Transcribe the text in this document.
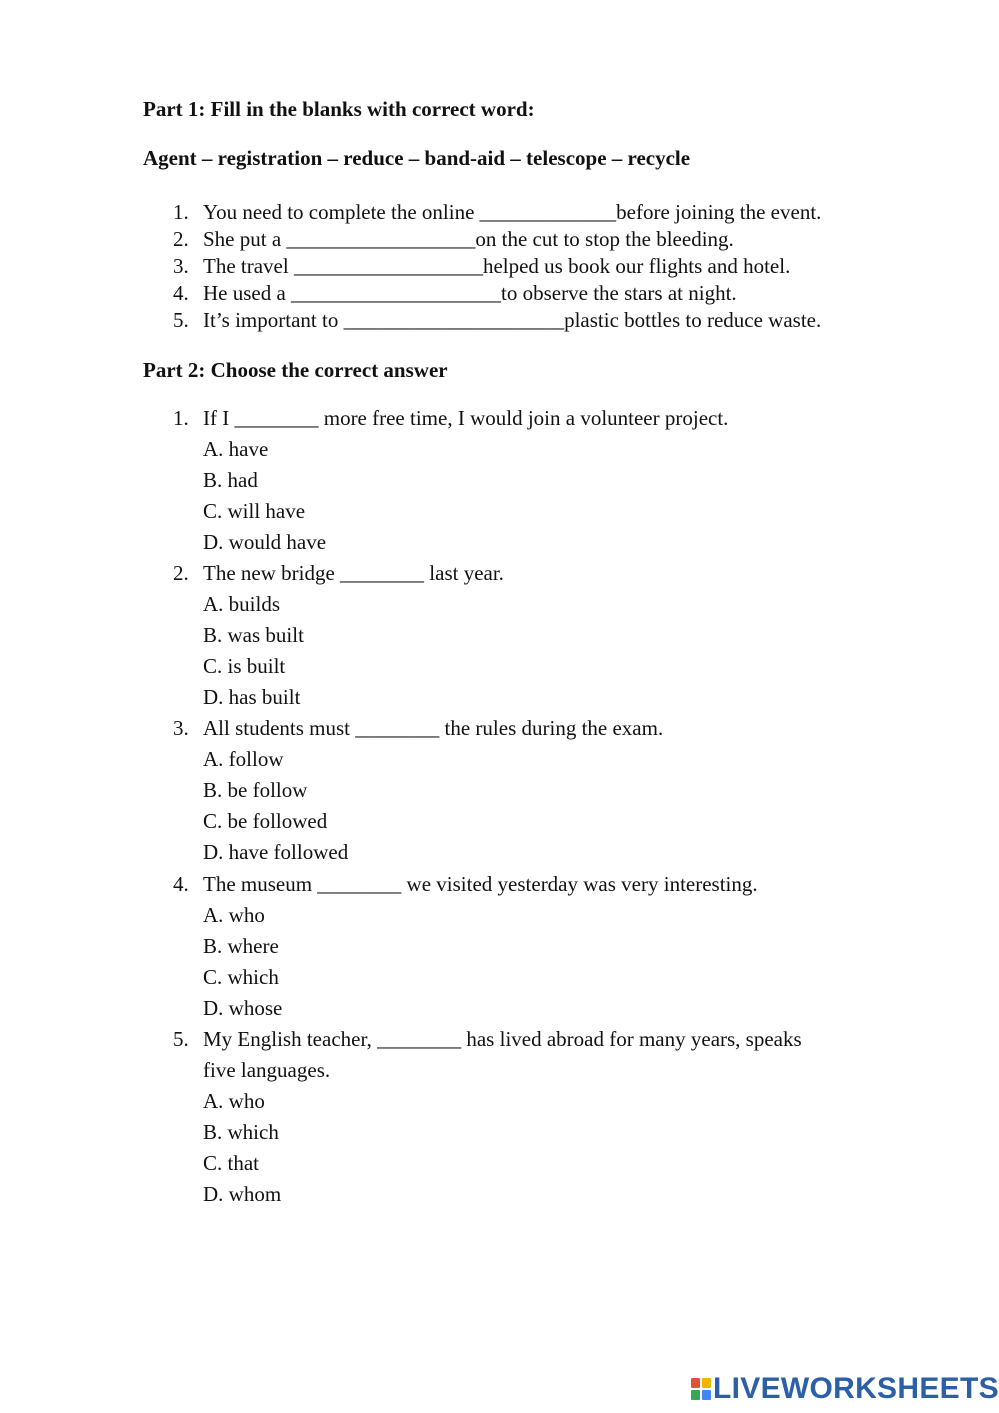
Part 1: Fill in the blanks with correct word:
Agent – registration – reduce – band-aid – telescope – recycle
1. You need to complete the online _____________before joining the event.
2. She put a __________________on the cut to stop the bleeding.
3. The travel __________________helped us book our flights and hotel.
4. He used a ____________________to observe the stars at night.
5. It’s important to _____________________plastic bottles to reduce waste.
Part 2: Choose the correct answer
1. If I ________ more free time, I would join a volunteer project.
A. have
B. had
C. will have
D. would have
2. The new bridge ________ last year.
A. builds
B. was built
C. is built
D. has built
3. All students must ________ the rules during the exam.
A. follow
B. be follow
C. be followed
D. have followed
4. The museum ________ we visited yesterday was very interesting.
A. who
B. where
C. which
D. whose
5. My English teacher, ________ has lived abroad for many years, speaks
five languages.
A. who
B. which
C. that
D. whom
LIVEWORKSHEETS
